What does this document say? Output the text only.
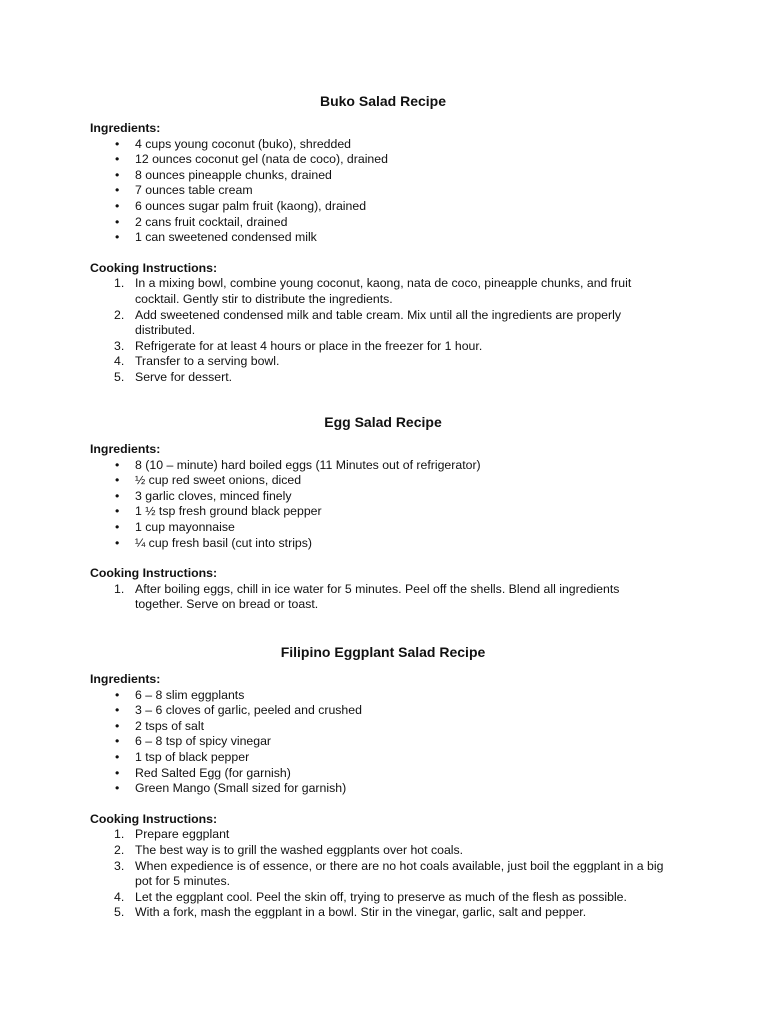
Buko Salad Recipe
Ingredients:
• 4 cups young coconut (buko), shredded
• 12 ounces coconut gel (nata de coco), drained
• 8 ounces pineapple chunks, drained
• 7 ounces table cream
• 6 ounces sugar palm fruit (kaong), drained
• 2 cans fruit cocktail, drained
• 1 can sweetened condensed milk
Cooking Instructions:
1. In a mixing bowl, combine young coconut, kaong, nata de coco, pineapple chunks, and fruit
cocktail. Gently stir to distribute the ingredients.
2. Add sweetened condensed milk and table cream. Mix until all the ingredients are properly
distributed.
3. Refrigerate for at least 4 hours or place in the freezer for 1 hour.
4. Transfer to a serving bowl.
5. Serve for dessert.
Egg Salad Recipe
Ingredients:
• 8 (10 – minute) hard boiled eggs (11 Minutes out of refrigerator)
• ½ cup red sweet onions, diced
• 3 garlic cloves, minced finely
• 1 ½ tsp fresh ground black pepper
• 1 cup mayonnaise
• ¼ cup fresh basil (cut into strips)
Cooking Instructions:
1. After boiling eggs, chill in ice water for 5 minutes. Peel off the shells. Blend all ingredients
together. Serve on bread or toast.
Filipino Eggplant Salad Recipe
Ingredients:
• 6 – 8 slim eggplants
• 3 – 6 cloves of garlic, peeled and crushed
• 2 tsps of salt
• 6 – 8 tsp of spicy vinegar
• 1 tsp of black pepper
• Red Salted Egg (for garnish)
• Green Mango (Small sized for garnish)
Cooking Instructions:
1. Prepare eggplant
2. The best way is to grill the washed eggplants over hot coals.
3. When expedience is of essence, or there are no hot coals available, just boil the eggplant in a big
pot for 5 minutes.
4. Let the eggplant cool. Peel the skin off, trying to preserve as much of the flesh as possible.
5. With a fork, mash the eggplant in a bowl. Stir in the vinegar, garlic, salt and pepper.
